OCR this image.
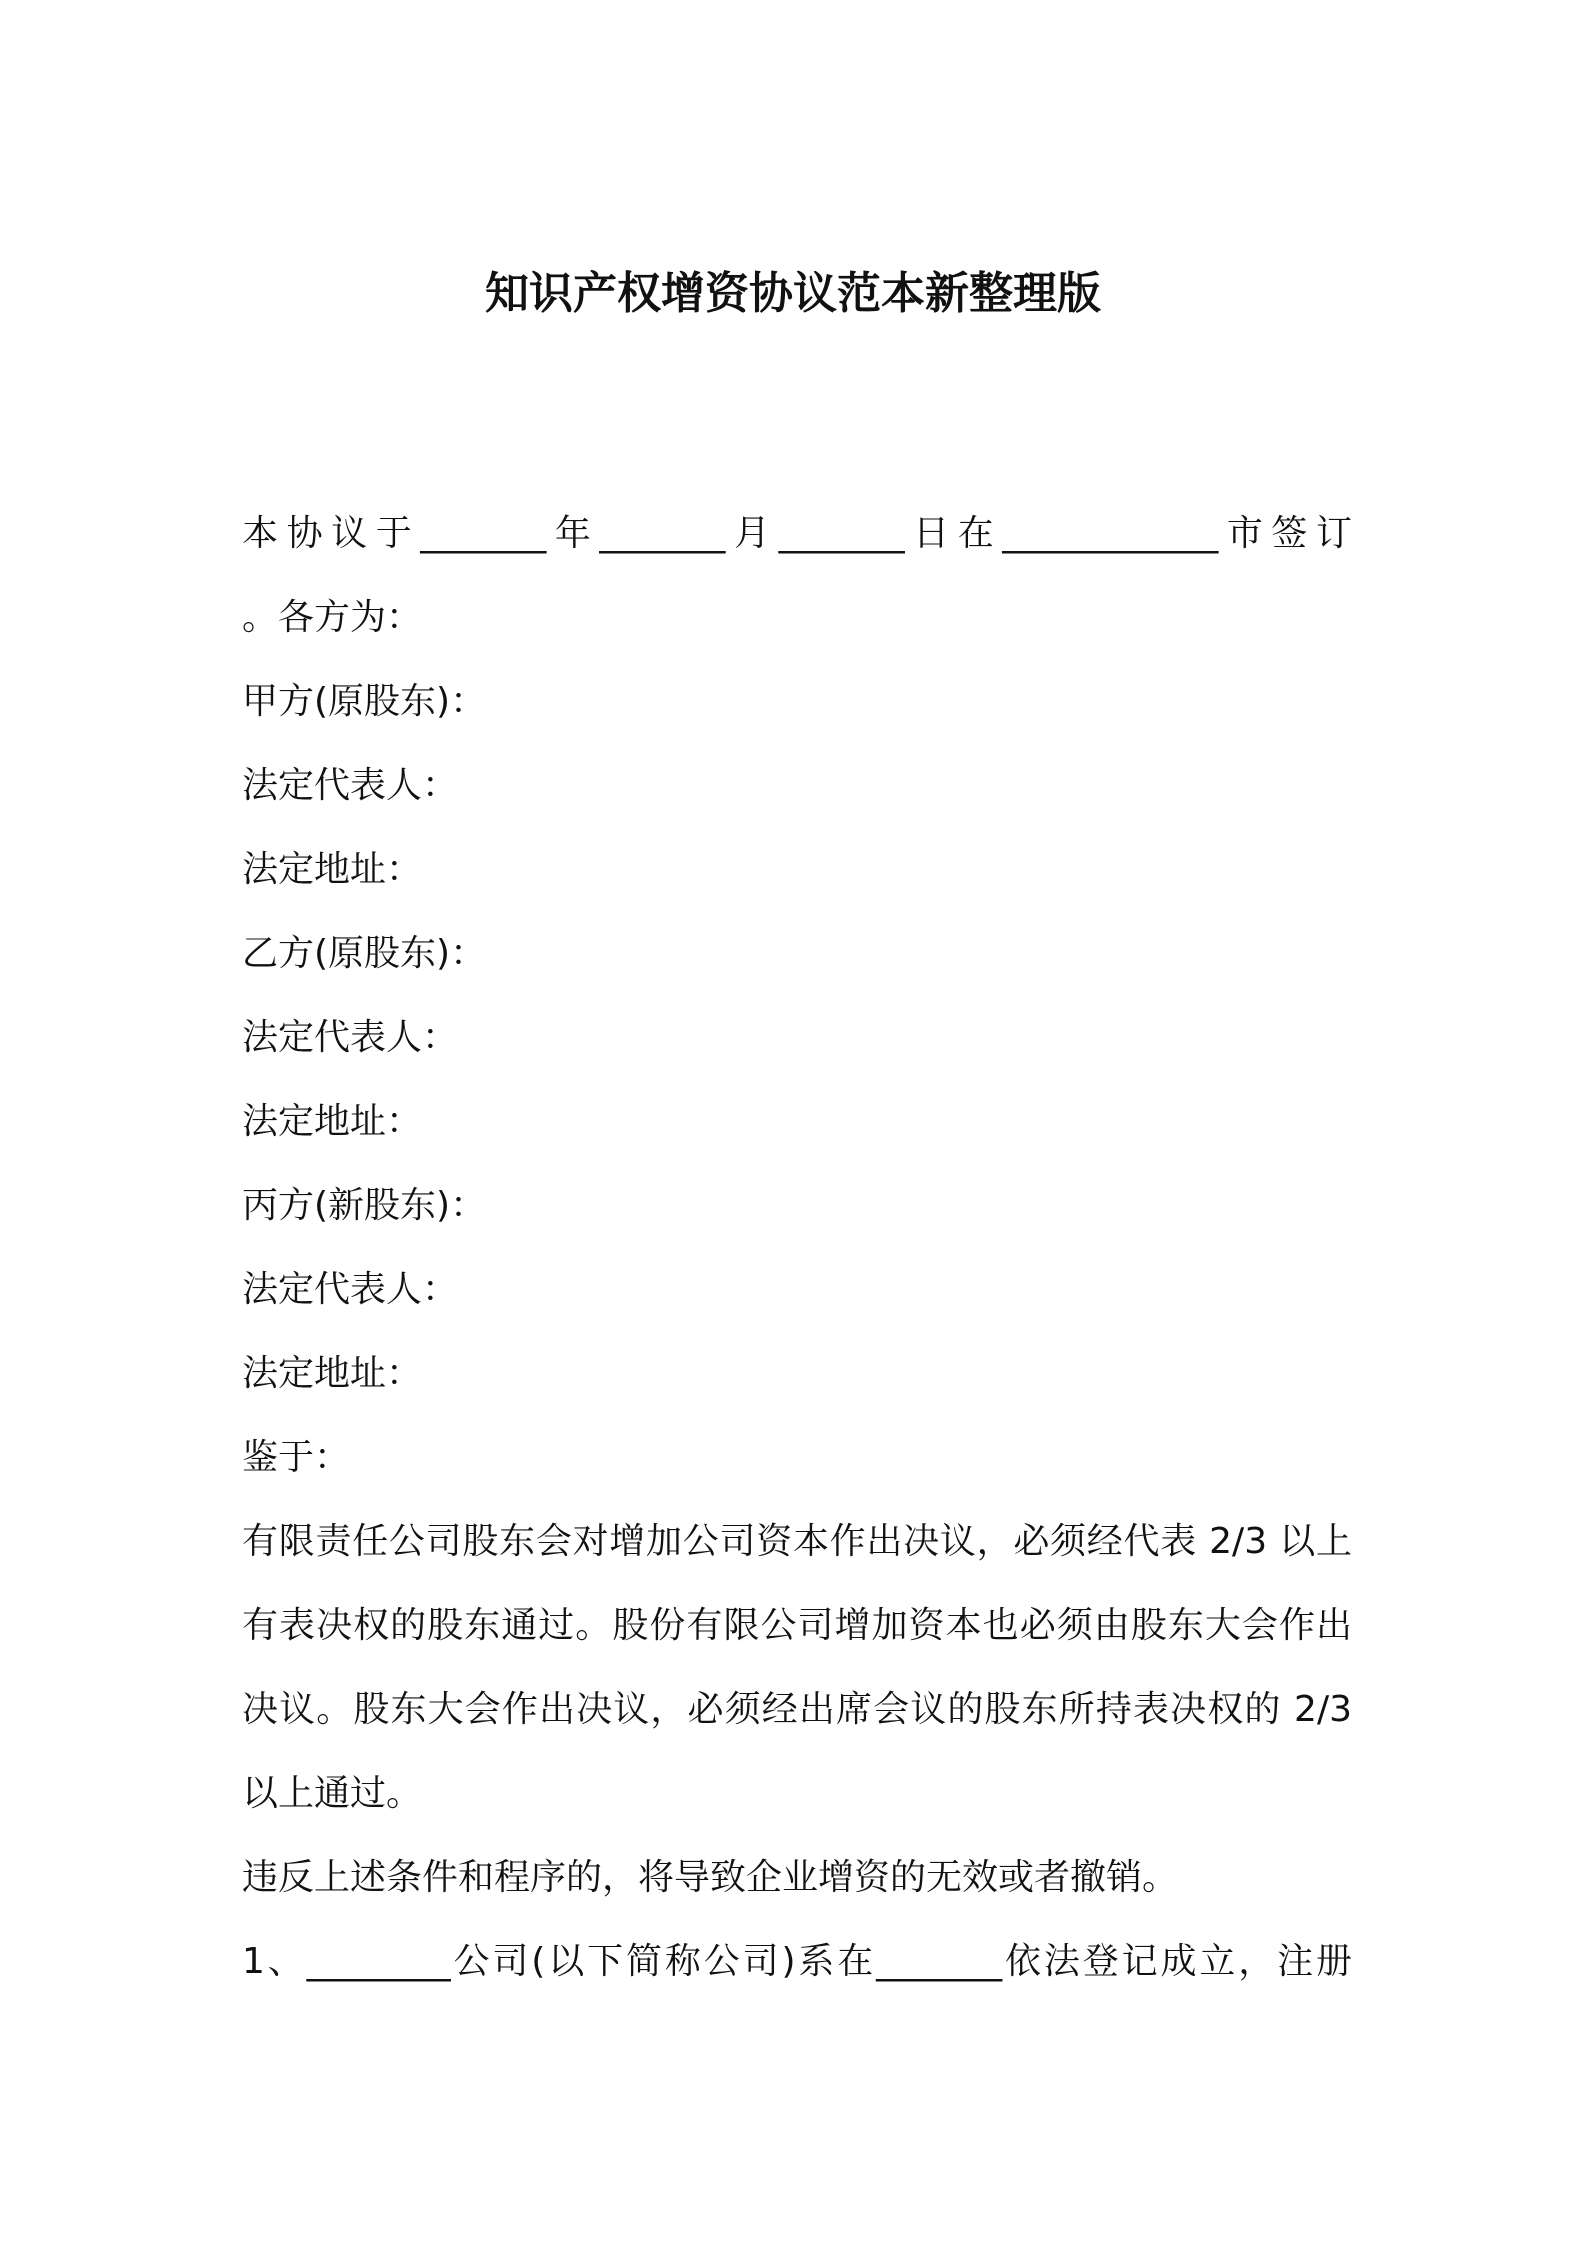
知识产权增资协议范本新整理版
本协议于_______年_______月_______日在____________市签订
。各方为：
甲方(原股东)：
法定代表人：
法定地址：
乙方(原股东)：
法定代表人：
法定地址：
丙方(新股东)：
法定代表人：
法定地址：
鉴于：
有限责任公司股东会对增加公司资本作出决议，必须经代表 2/3 以上
有表决权的股东通过。股份有限公司增加资本也必须由股东大会作出
决议。股东大会作出决议，必须经出席会议的股东所持表决权的 2/3
以上通过。
违反上述条件和程序的，将导致企业增资的无效或者撤销。
1、________公司(以下简称公司)系在_______依法登记成立，注册
